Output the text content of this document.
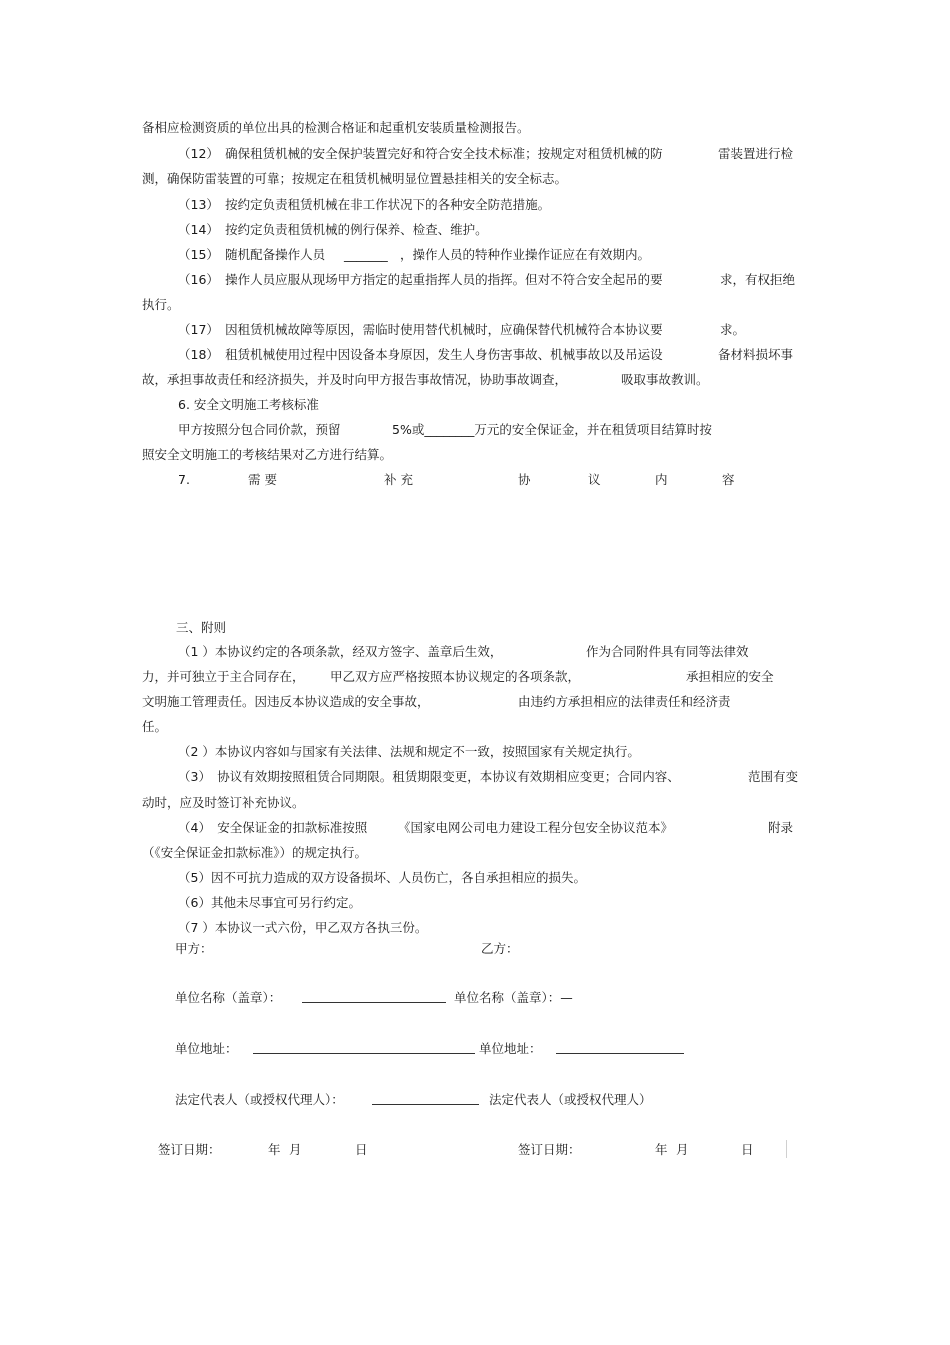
备相应检测资质的单位出具的检测合格证和起重机安装质量检测报告。
（12）　确保租赁机械的安全保护装置完好和符合安全技术标准；按规定对租赁机械的防	雷装置进行检
测，确保防雷装置的可靠；按规定在租赁机械明显位置悬挂相关的安全标志。
（13）　按约定负责租赁机械在非工作状况下的各种安全防范措施。
（14）　按约定负责租赁机械的例行保养、检查、维护。
（15）　随机配备操作人员 _______ ，操作人员的特种作业操作证应在有效期内。
（16）　操作人员应服从现场甲方指定的起重指挥人员的指挥。但对不符合安全起吊的要	求，有权拒绝
执行。
（17）　因租赁机械故障等原因，需临时使用替代机械时，应确保替代机械符合本协议要	求。
（18）　租赁机械使用过程中因设备本身原因，发生人身伤害事故、机械事故以及吊运设	备材料损坏事
故，承担事故责任和经济损失，并及时向甲方报告事故情况，协助事故调查，	吸取事故教训。
6. 安全文明施工考核标准
甲方按照分包合同价款，预留	5%或________万元的安全保证金，并在租赁项目结算时按
照安全文明施工的考核结果对乙方进行结算。
7.	需 要	补 充	协	议	内	容
三、附则
（1 ）本协议约定的各项条款，经双方签字、盖章后生效，	作为合同附件具有同等法律效
力，并可独立于主合同存在， 甲乙双方应严格按照本协议规定的各项条款，	承担相应的安全
文明施工管理责任。因违反本协议造成的安全事故，	由违约方承担相应的法律责任和经济责
任。
（2 ）本协议内容如与国家有关法律、法规和规定不一致，按照国家有关规定执行。
（3）　协议有效期按照租赁合同期限。租赁期限变更，本协议有效期相应变更；合同内容、	范围有变
动时，应及时签订补充协议。
（4）　安全保证金的扣款标准按照 《国家电网公司电力建设工程分包安全协议范本》	附录
（《安全保证金扣款标准》）的规定执行。
（5）因不可抗力造成的双方设备损坏、人员伤亡，各自承担相应的损失。
（6）其他未尽事宜可另行约定。
（7 ）本协议一式六份，甲乙双方各执三份。
甲方：	乙方：
单位名称（盖章）：	单位名称（盖章）：—
单位地址：	单位地址：
法定代表人（或授权代理人）：	法定代表人（或授权代理人）
签订日期：	年 月	日	签订日期：	年 月	日
